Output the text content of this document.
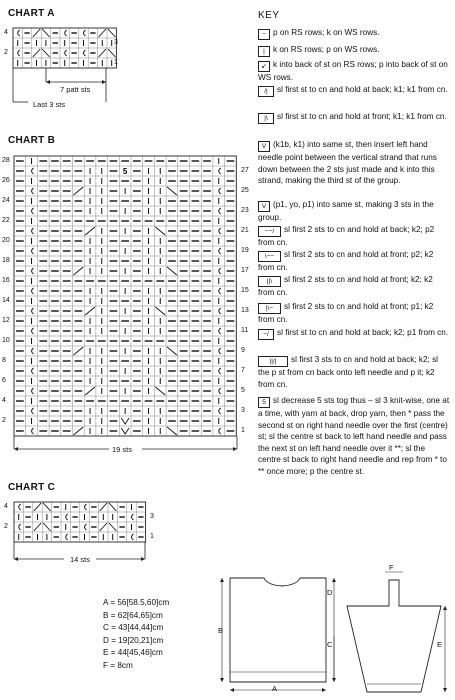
CHART A
4
2
3
1
7 patt sts
Last 3 sts
CHART B
5
28
26
24
22
20
18
16
14
12
10
8
6
4
2
27
25
23
21
19
17
15
13
11
9
7
5
3
1
19 sts
CHART C
4
2
3
1
14 sts
KEY
− p on RS rows; k on WS rows.
| k on RS rows; p on WS rows.
↙ k into back of st on RS rows; p into back of st on WS rows.
/| sl first st to cn and hold at back; k1; k1 from cn.
|\ sl first st to cn and hold at front; k1; k1 from cn.
V (k1b, k1) into same st, then insert left hand needle point between the vertical strand that runs down between the 2 sts just made and k into this strand, making the third st of the group.
V (p1, yo, p1) into same st, making 3 sts in the group.
−−/ sl first 2 sts to cn and hold at back; k2; p2 from cn.
\−− sl first 2 sts to cn and hold at front; p2; k2 from cn.
||\ sl first 2 sts to cn and hold at front; k2; k2 from cn.
|\− sl first 2 sts to cn and hold at front; p1; k2 from cn.
−/ sl first st to cn and hold at back; k2; p1 from cn.
||/| sl first 3 sts to cn and hold at back; k2; sl the p st from cn back onto left needle and p it; k2 from cn.
5 sl decrease 5 sts tog thus – sl 3 knit-wise, one at a time, with yarn at back, drop yarn, then * pass the second st on right hand needle over the first (centre) st; sl the centre st back to left hand needle and pass the next st on left hand needle over it **; sl the centre st back to right hand needle and rep from * to ** once more; p the centre st.
A = 56[58.5,60]cm
B = 62[64,65]cm
C = 43[44,44]cm
D = 19[20,21]cm
E = 44[45,46]cm
F = 8cm
B
D
C
A
F
E
